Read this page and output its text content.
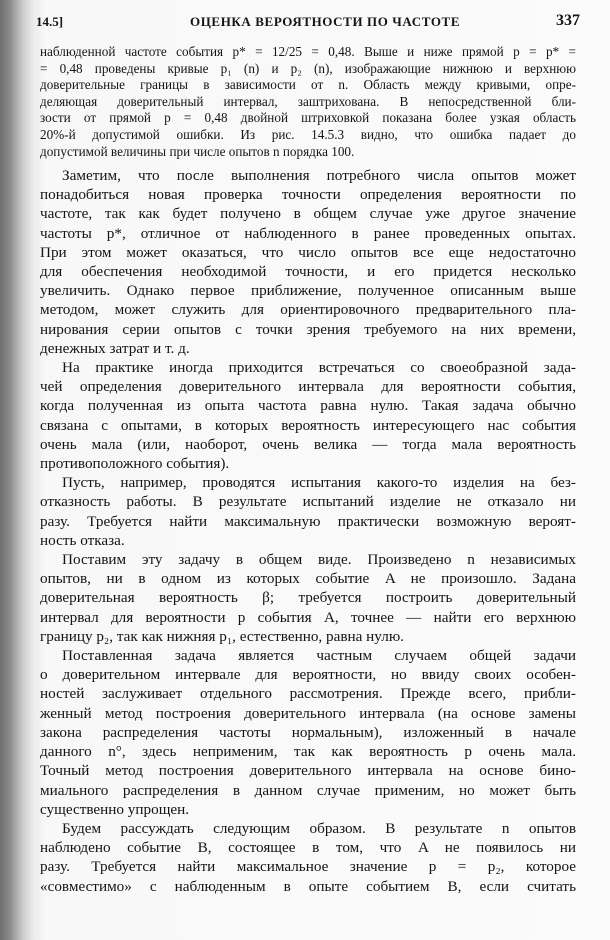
14.5]	ОЦЕНКА ВЕРОЯТНОСТИ ПО ЧАСТОТЕ	337
наблюденной частоте события p* = 12/25 = 0,48. Выше и ниже прямой p = p* =
= 0,48 проведены кривые p₁ (n) и p₂ (n), изображающие нижнюю и верхнюю
доверительные границы в зависимости от n. Область между кривыми, опре-
деляющая доверительный интервал, заштрихована. В непосредственной бли-
зости от прямой p = 0,48 двойной штриховкой показана более узкая область
20%-й допустимой ошибки. Из рис. 14.5.3 видно, что ошибка падает до
допустимой величины при числе опытов n порядка 100.
Заметим, что после выполнения потребного числа опытов может
понадобиться новая проверка точности определения вероятности по
частоте, так как будет получено в общем случае уже другое значение
частоты p*, отличное от наблюденного в ранее проведенных опытах.
При этом может оказаться, что число опытов все еще недостаточно
для обеспечения необходимой точности, и его придется несколько
увеличить. Однако первое приближение, полученное описанным выше
методом, может служить для ориентировочного предварительного пла-
нирования серии опытов с точки зрения требуемого на них времени,
денежных затрат и т. д.
На практике иногда приходится встречаться со своеобразной зада-
чей определения доверительного интервала для вероятности события,
когда полученная из опыта частота равна нулю. Такая задача обычно
связана с опытами, в которых вероятность интересующего нас события
очень мала (или, наоборот, очень велика — тогда мала вероятность
противоположного события).
Пусть, например, проводятся испытания какого-то изделия на без-
отказность работы. В результате испытаний изделие не отказало ни
разу. Требуется найти максимальную практически возможную вероят-
ность отказа.
Поставим эту задачу в общем виде. Произведено n независимых
опытов, ни в одном из которых событие A не произошло. Задана
доверительная вероятность β; требуется построить доверительный
интервал для вероятности p события A, точнее — найти его верхнюю
границу p₂, так как нижняя p₁, естественно, равна нулю.
Поставленная задача является частным случаем общей задачи
о доверительном интервале для вероятности, но ввиду своих особен-
ностей заслуживает отдельного рассмотрения. Прежде всего, прибли-
женный метод построения доверительного интервала (на основе замены
закона распределения частоты нормальным), изложенный в начале
данного n°, здесь неприменим, так как вероятность p очень мала.
Точный метод построения доверительного интервала на основе бино-
миального распределения в данном случае применим, но может быть
существенно упрощен.
Будем рассуждать следующим образом. В результате n опытов
наблюдено событие B, состоящее в том, что A не появилось ни
разу. Требуется найти максимальное значение p = p₂, которое
«совместимо» с наблюденным в опыте событием B, если считать
